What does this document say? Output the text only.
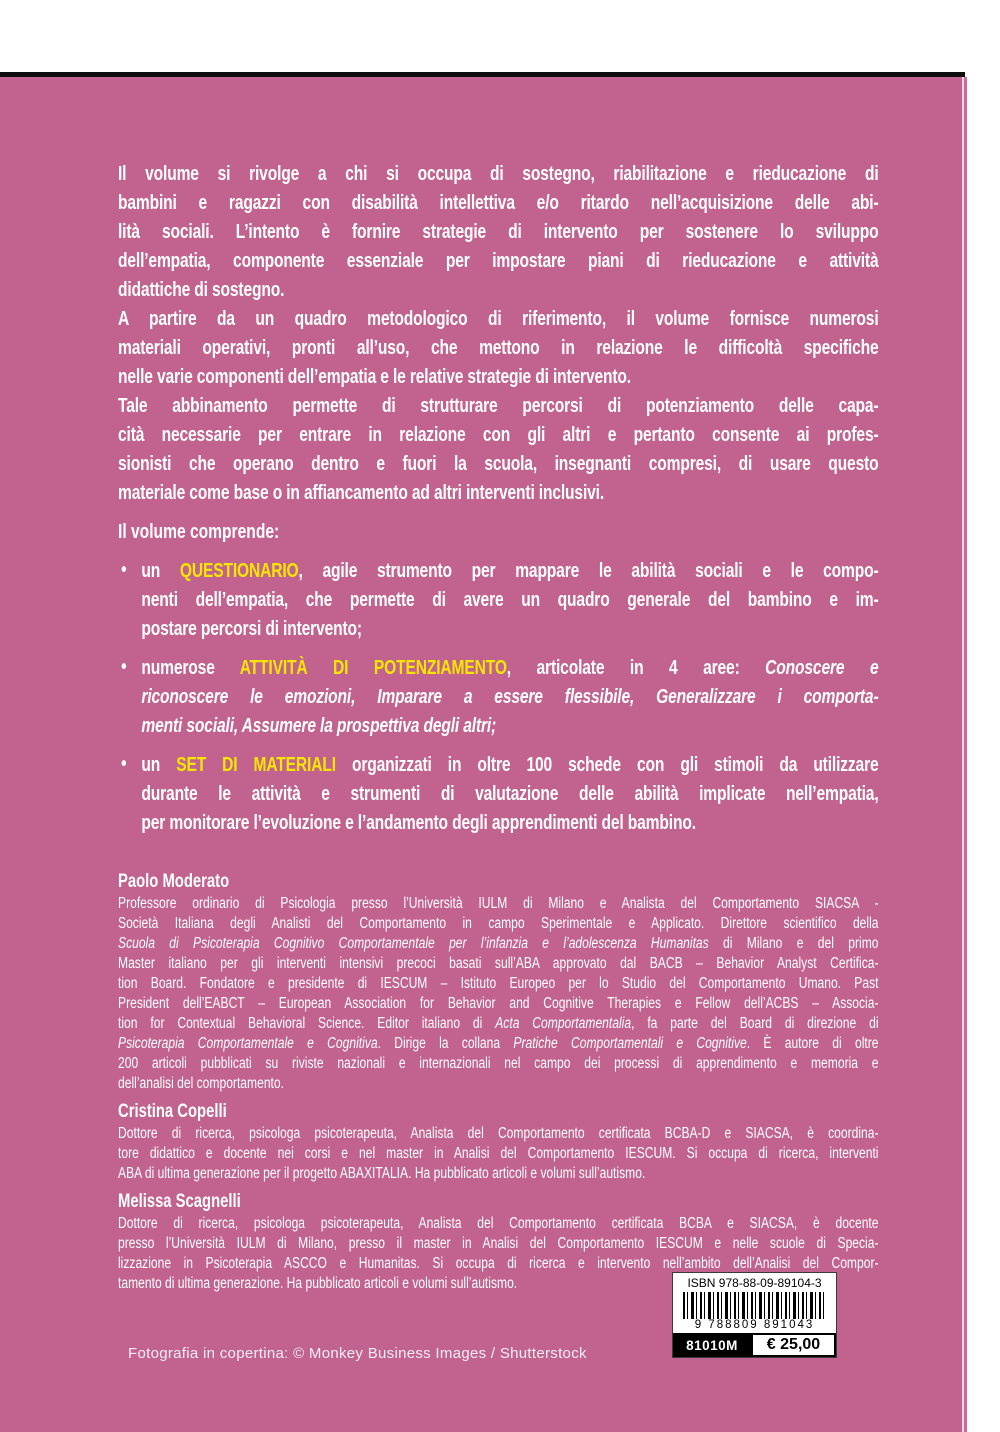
Il volume si rivolge a chi si occupa di sostegno, riabilitazione e rieducazione di
bambini e ragazzi con disabilità intellettiva e/o ritardo nell’acquisizione delle abi-
lità sociali. L’intento è fornire strategie di intervento per sostenere lo sviluppo
dell’empatia, componente essenziale per impostare piani di rieducazione e attività
didattiche di sostegno.
A partire da un quadro metodologico di riferimento, il volume fornisce numerosi
materiali operativi, pronti all’uso, che mettono in relazione le difficoltà specifiche
nelle varie componenti dell’empatia e le relative strategie di intervento.
Tale abbinamento permette di strutturare percorsi di potenziamento delle capa-
cità necessarie per entrare in relazione con gli altri e pertanto consente ai profes-
sionisti che operano dentro e fuori la scuola, insegnanti compresi, di usare questo
materiale come base o in affiancamento ad altri interventi inclusivi.
Il volume comprende:
• un QUESTIONARIO, agile strumento per mappare le abilità sociali e le compo-
nenti dell’empatia, che permette di avere un quadro generale del bambino e im-
postare percorsi di intervento;
• numerose ATTIVITÀ DI POTENZIAMENTO, articolate in 4 aree: Conoscere e
riconoscere le emozioni, Imparare a essere flessibile, Generalizzare i comporta-
menti sociali, Assumere la prospettiva degli altri;
• un SET DI MATERIALI organizzati in oltre 100 schede con gli stimoli da utilizzare
durante le attività e strumenti di valutazione delle abilità implicate nell’empatia,
per monitorare l’evoluzione e l’andamento degli apprendimenti del bambino.
Paolo Moderato
Professore ordinario di Psicologia presso l’Università IULM di Milano e Analista del Comportamento SIACSA -
Società Italiana degli Analisti del Comportamento in campo Sperimentale e Applicato. Direttore scientifico della
Scuola di Psicoterapia Cognitivo Comportamentale per l’infanzia e l’adolescenza Humanitas di Milano e del primo
Master italiano per gli interventi intensivi precoci basati sull’ABA approvato dal BACB – Behavior Analyst Certifica-
tion Board. Fondatore e presidente di IESCUM – Istituto Europeo per lo Studio del Comportamento Umano. Past
President dell’EABCT – European Association for Behavior and Cognitive Therapies e Fellow dell’ACBS – Associa-
tion for Contextual Behavioral Science. Editor italiano di Acta Comportamentalia, fa parte del Board di direzione di
Psicoterapia Comportamentale e Cognitiva. Dirige la collana Pratiche Comportamentali e Cognitive. È autore di oltre
200 articoli pubblicati su riviste nazionali e internazionali nel campo dei processi di apprendimento e memoria e
dell’analisi del comportamento.
Cristina Copelli
Dottore di ricerca, psicologa psicoterapeuta, Analista del Comportamento certificata BCBA-D e SIACSA, è coordina-
tore didattico e docente nei corsi e nel master in Analisi del Comportamento IESCUM. Si occupa di ricerca, interventi
ABA di ultima generazione per il progetto ABAXITALIA. Ha pubblicato articoli e volumi sull’autismo.
Melissa Scagnelli
Dottore di ricerca, psicologa psicoterapeuta, Analista del Comportamento certificata BCBA e SIACSA, è docente
presso l’Università IULM di Milano, presso il master in Analisi del Comportamento IESCUM e nelle scuole di Specia-
lizzazione in Psicoterapia ASCCO e Humanitas. Si occupa di ricerca e intervento nell’ambito dell’Analisi del Compor-
tamento di ultima generazione. Ha pubblicato articoli e volumi sull’autismo.	ISBN 978-88-09-89104-3
9 788809 891043
81010M	€ 25,00
Fotografia in copertina: © Monkey Business Images / Shutterstock
